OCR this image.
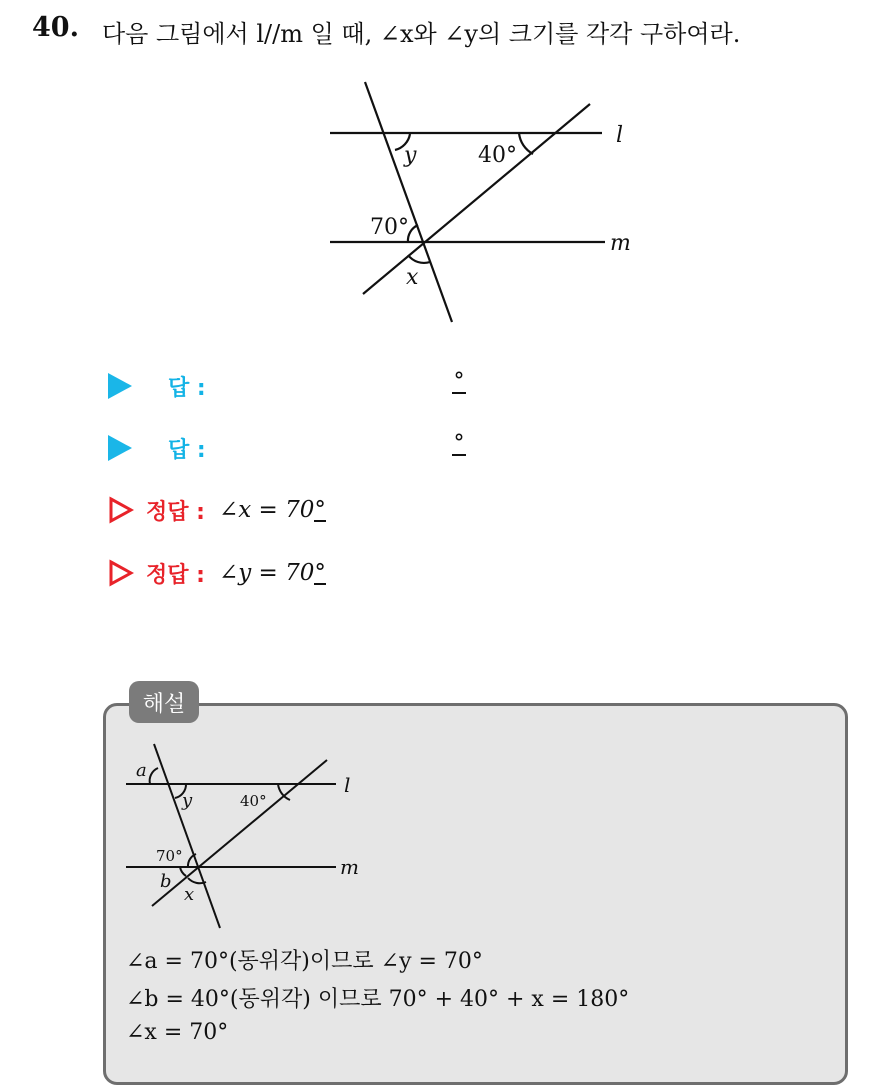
40. 다음 그림에서 l//m 일 때, ∠x와 ∠y의 크기를 각각 구하여라.
l
m
y	40°
70°
x
답 :	°
답 :	°
정답 : ∠x = 70°
정답 : ∠y = 70°
해설
l
m
a
y	40°
70°
b
x
∠a = 70°(동위각)이므로 ∠y = 70°
∠b = 40°(동위각) 이므로 70° + 40° + x = 180°
∠x = 70°
